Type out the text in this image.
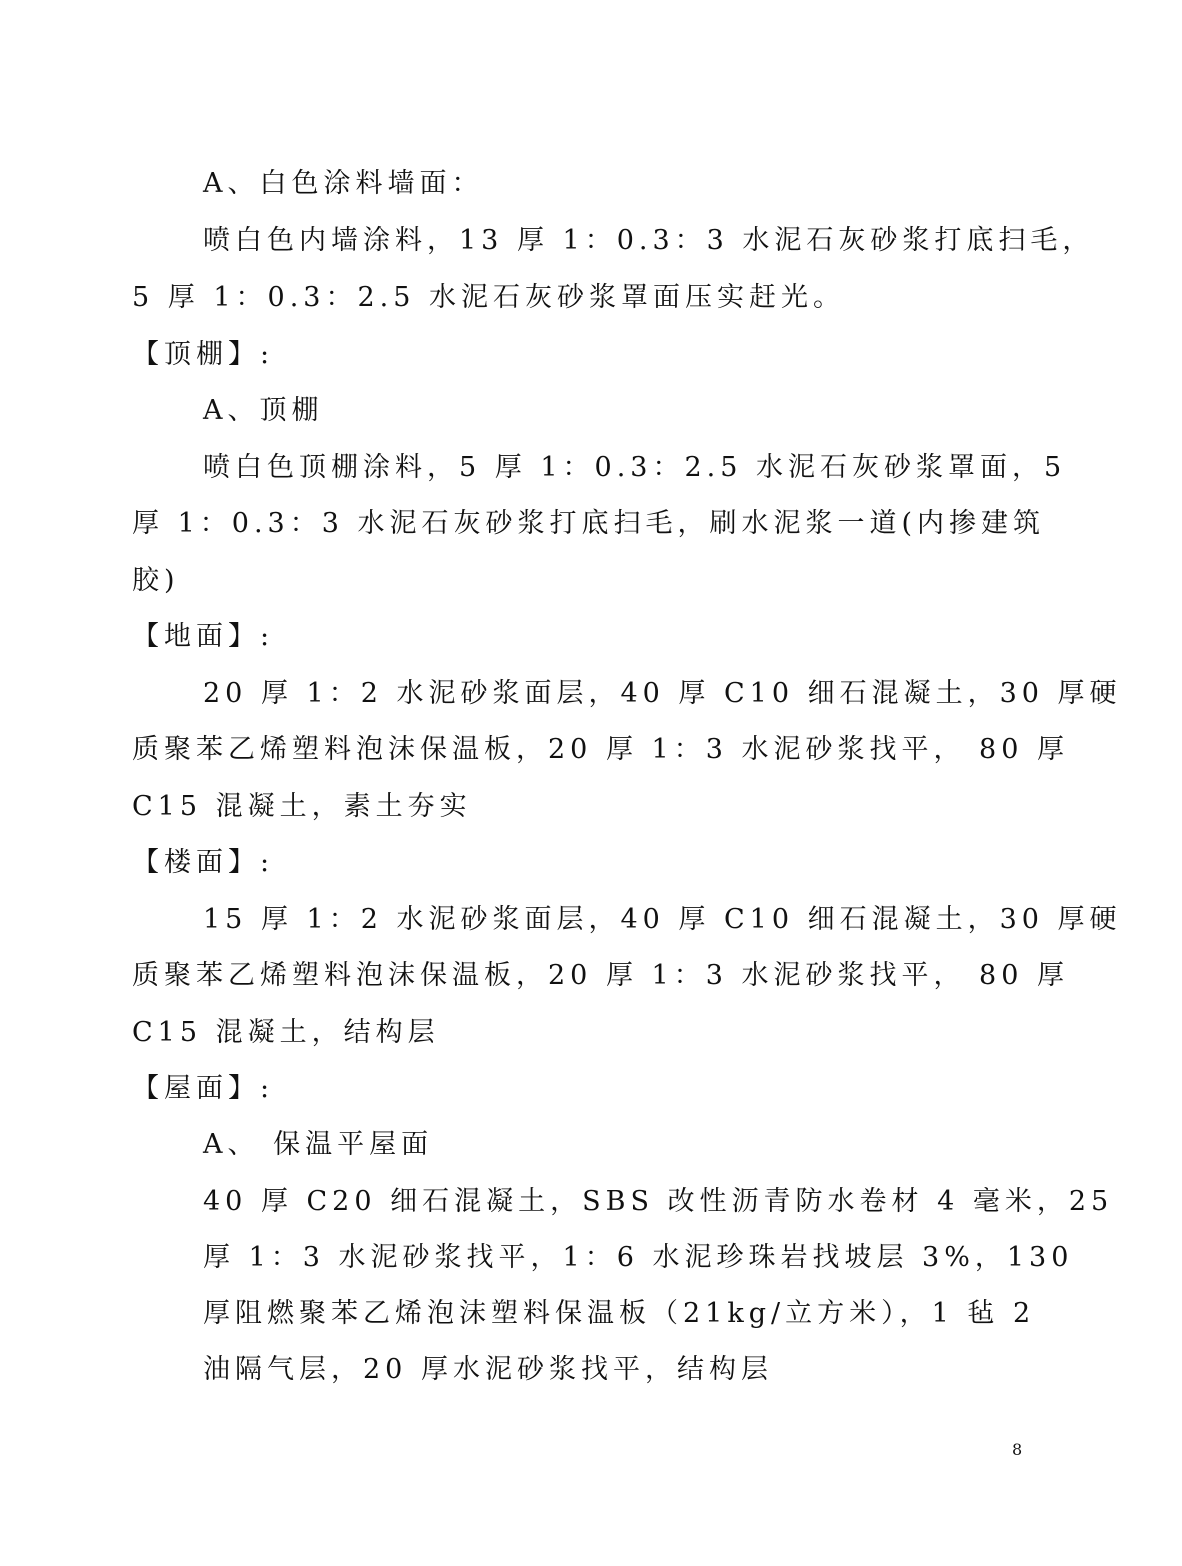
A、白色涂料墙面：
喷白色内墙涂料，13 厚 1：0.3：3 水泥石灰砂浆打底扫毛，
5 厚 1：0.3：2.5 水泥石灰砂浆罩面压实赶光。
【顶棚】:
A、顶棚
喷白色顶棚涂料，5 厚 1：0.3：2.5 水泥石灰砂浆罩面，5
厚 1：0.3：3 水泥石灰砂浆打底扫毛，刷水泥浆一道(内掺建筑
胶)
【地面】:
20 厚 1：2 水泥砂浆面层，40 厚 C10 细石混凝土，30 厚硬
质聚苯乙烯塑料泡沫保温板，20 厚 1：3 水泥砂浆找平， 80 厚
C15 混凝土，素土夯实
【楼面】:
15 厚 1：2 水泥砂浆面层，40 厚 C10 细石混凝土，30 厚硬
质聚苯乙烯塑料泡沫保温板，20 厚 1：3 水泥砂浆找平， 80 厚
C15 混凝土，结构层
【屋面】:
A、 保温平屋面
40 厚 C20 细石混凝土，SBS 改性沥青防水卷材 4 毫米，25
厚 1：3 水泥砂浆找平，1：6 水泥珍珠岩找坡层 3%，130
厚阻燃聚苯乙烯泡沫塑料保温板（21kg/立方米），1 毡 2
油隔气层，20 厚水泥砂浆找平，结构层
8
